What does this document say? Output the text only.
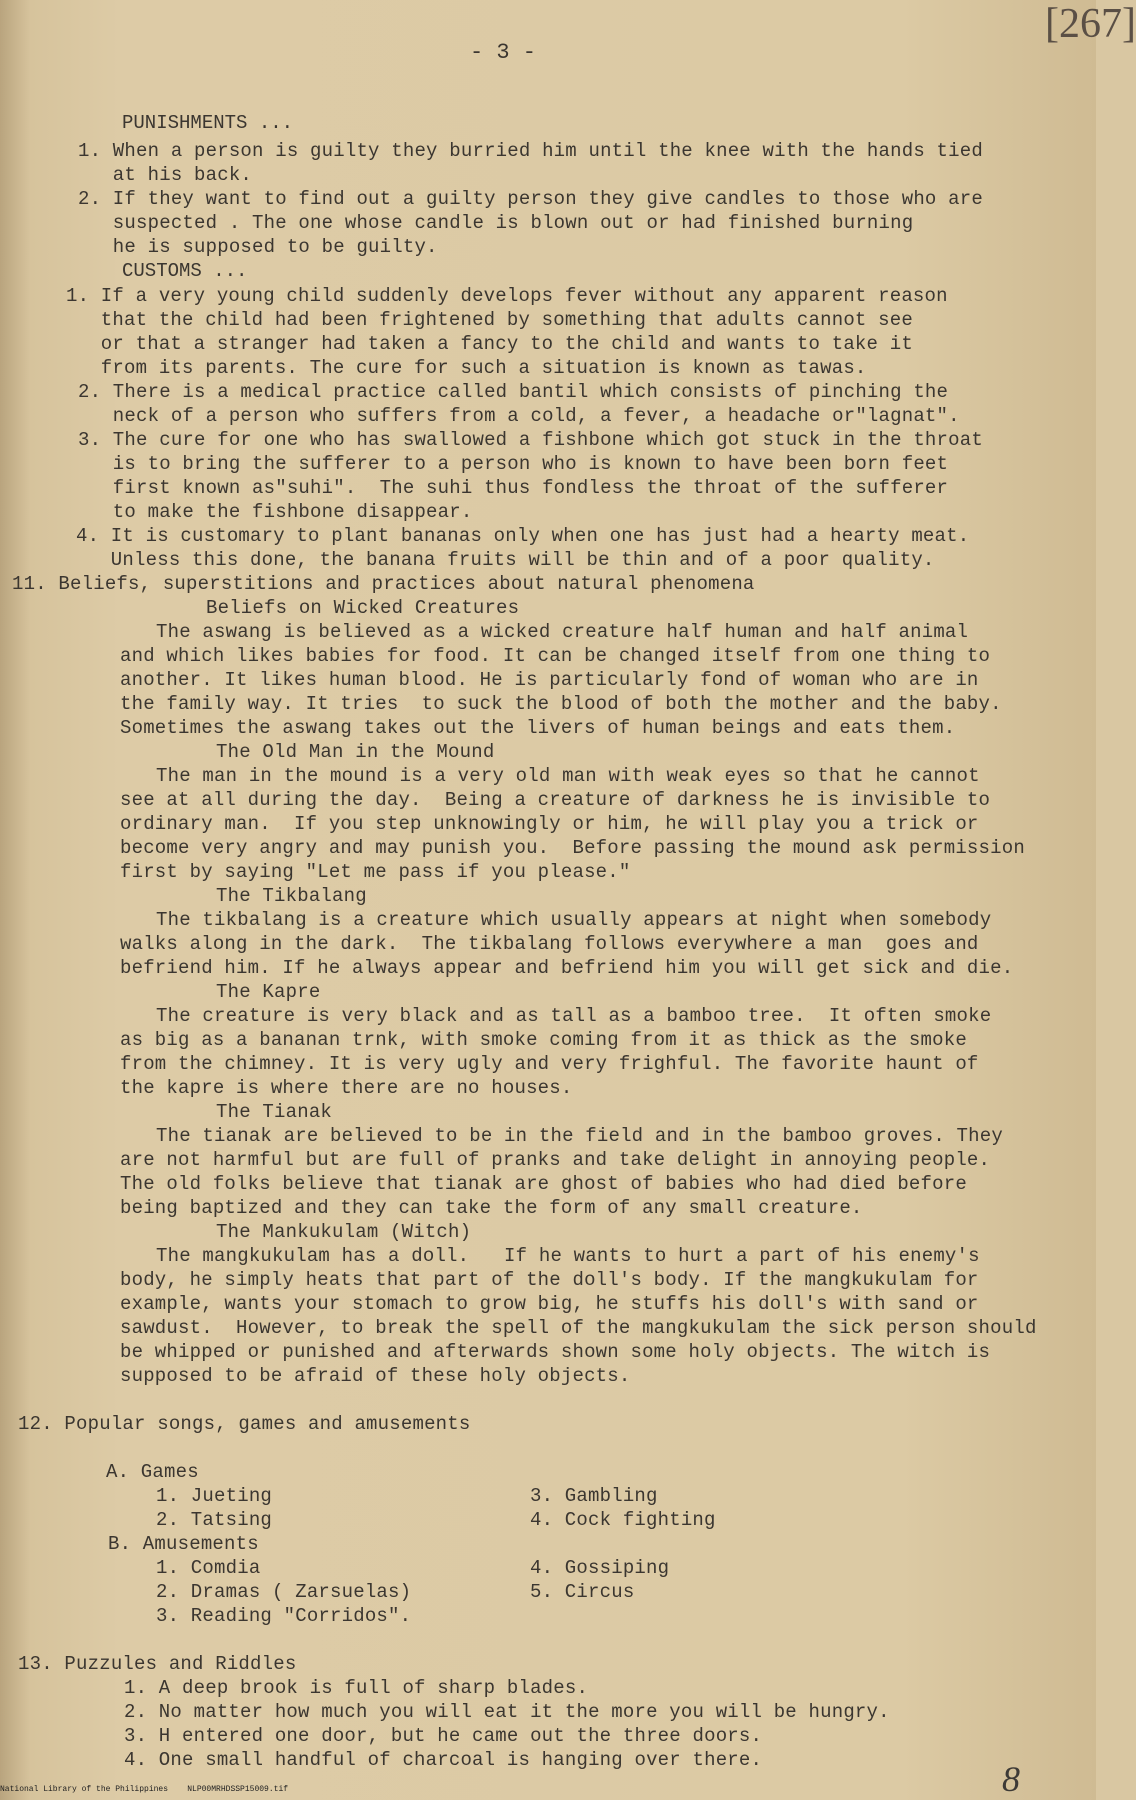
[267]
- 3 -
PUNISHMENTS ...
1. When a person is guilty they burried him until the knee with the hands tied
at his back.
2. If they want to find out a guilty person they give candles to those who are
suspected . The one whose candle is blown out or had finished burning
he is supposed to be guilty.
CUSTOMS ...
1. If a very young child suddenly develops fever without any apparent reason
that the child had been frightened by something that adults cannot see
or that a stranger had taken a fancy to the child and wants to take it
from its parents. The cure for such a situation is known as tawas.
2. There is a medical practice called bantil which consists of pinching the
neck of a person who suffers from a cold, a fever, a headache or"lagnat".
3. The cure for one who has swallowed a fishbone which got stuck in the throat
is to bring the sufferer to a person who is known to have been born feet
first known as"suhi".  The suhi thus fondless the throat of the sufferer
to make the fishbone disappear.
4. It is customary to plant bananas only when one has just had a hearty meat.
Unless this done, the banana fruits will be thin and of a poor quality.
11. Beliefs, superstitions and practices about natural phenomena
Beliefs on Wicked Creatures
The aswang is believed as a wicked creature half human and half animal
and which likes babies for food. It can be changed itself from one thing to
another. It likes human blood. He is particularly fond of woman who are in
the family way. It tries  to suck the blood of both the mother and the baby.
Sometimes the aswang takes out the livers of human beings and eats them.
The Old Man in the Mound
The man in the mound is a very old man with weak eyes so that he cannot
see at all during the day.  Being a creature of darkness he is invisible to
ordinary man.  If you step unknowingly or him, he will play you a trick or
become very angry and may punish you.  Before passing the mound ask permission
first by saying "Let me pass if you please."
The Tikbalang
The tikbalang is a creature which usually appears at night when somebody
walks along in the dark.  The tikbalang follows everywhere a man  goes and
befriend him. If he always appear and befriend him you will get sick and die.
The Kapre
The creature is very black and as tall as a bamboo tree.  It often smoke
as big as a bananan trnk, with smoke coming from it as thick as the smoke
from the chimney. It is very ugly and very frighful. The favorite haunt of
the kapre is where there are no houses.
The Tianak
The tianak are believed to be in the field and in the bamboo groves. They
are not harmful but are full of pranks and take delight in annoying people.
The old folks believe that tianak are ghost of babies who had died before
being baptized and they can take the form of any small creature.
The Mankukulam (Witch)
The mangkukulam has a doll.   If he wants to hurt a part of his enemy's
body, he simply heats that part of the doll's body. If the mangkukulam for
example, wants your stomach to grow big, he stuffs his doll's with sand or
sawdust.  However, to break the spell of the mangkukulam the sick person should
be whipped or punished and afterwards shown some holy objects. The witch is
supposed to be afraid of these holy objects.
12. Popular songs, games and amusements
A. Games
1. Jueting
2. Tatsing
3. Gambling
4. Cock fighting
B. Amusements
1. Comdia
2. Dramas ( Zarsuelas)
3. Reading "Corridos".
4. Gossiping
5. Circus
13. Puzzules and Riddles
1. A deep brook is full of sharp blades.
2. No matter how much you will eat it the more you will be hungry.
3. H entered one door, but he came out the three doors.
4. One small handful of charcoal is hanging over there.	8
National Library of the Philippines    NLP00MRHDSSP15009.tif
